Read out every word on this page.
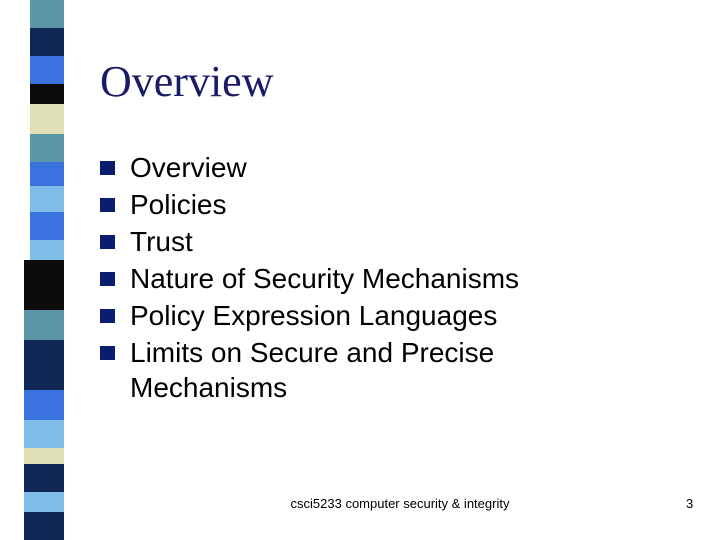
Overview
Overview
Policies
Trust
Nature of Security Mechanisms
Policy Expression Languages
Limits on Secure and Precise Mechanisms
csci5233 computer security & integrity	3
